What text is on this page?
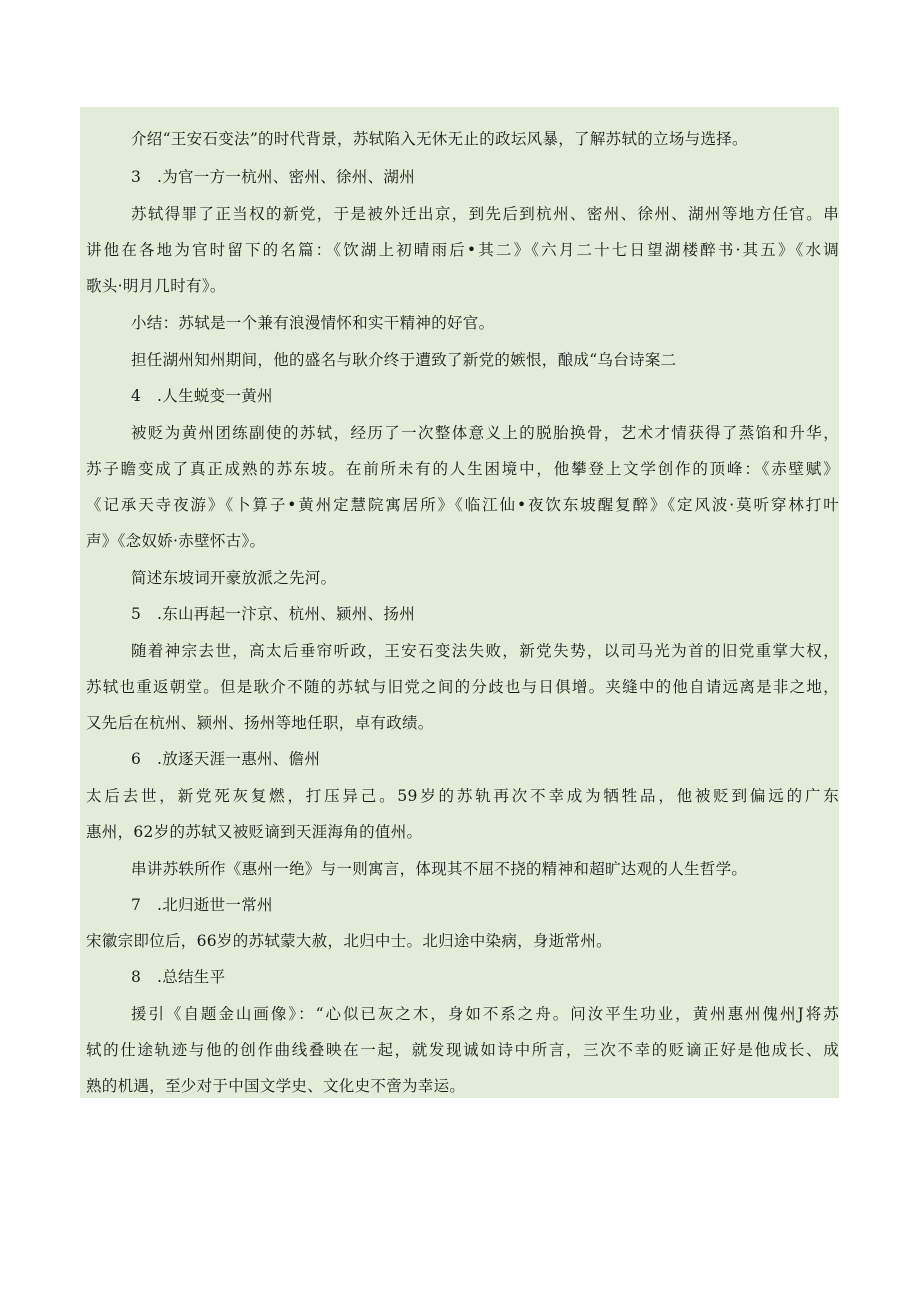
介绍“王安石变法”的时代背景，苏轼陷入无休无止的政坛风暴，了解苏轼的立场与选择。
3　.为官一方一杭州、密州、徐州、湖州
苏轼得罪了正当权的新党，于是被外迁出京，到先后到杭州、密州、徐州、湖州等地方任官。串
讲他在各地为官时留下的名篇：《饮湖上初晴雨后•其二》《六月二十七日望湖楼醉书·其五》《水调
歌头·明月几时有》。
小结：苏轼是一个兼有浪漫情怀和实干精神的好官。
担任湖州知州期间，他的盛名与耿介终于遭致了新党的嫉恨，酿成“乌台诗案二
4　.人生蜕变一黄州
被贬为黄州团练副使的苏轼，经历了一次整体意义上的脱胎换骨，艺术才情获得了蒸馅和升华，
苏子瞻变成了真正成熟的苏东坡。在前所未有的人生困境中，他攀登上文学创作的顶峰：《赤壁赋》
《记承天寺夜游》《卜算子•黄州定慧院寓居所》《临江仙•夜饮东坡醒复醉》《定风波·莫听穿林打叶
声》《念奴娇·赤壁怀古》。
简述东坡词开豪放派之先河。
5　.东山再起一汴京、杭州、颍州、扬州
随着神宗去世，高太后垂帘听政，王安石变法失败，新党失势，以司马光为首的旧党重掌大权，
苏轼也重返朝堂。但是耿介不随的苏轼与旧党之间的分歧也与日俱增。夹缝中的他自请远离是非之地，
又先后在杭州、颍州、扬州等地任职，卓有政绩。
6　.放逐天涯一惠州、儋州
太后去世，新党死灰复燃，打压异己。59岁的苏轨再次不幸成为牺牲品，他被贬到偏远的广东
惠州，62岁的苏轼又被贬谪到天涯海角的值州。
串讲苏轶所作《惠州一绝》与一则寓言，体现其不屈不挠的精神和超旷达观的人生哲学。
7　.北归逝世一常州
宋徽宗即位后，66岁的苏轼蒙大赦，北归中士。北归途中染病，身逝常州。
8　.总结生平
援引《自题金山画像》：“心似已灰之木，身如不系之舟。问汝平生功业，黄州惠州傀州J将苏
轼的仕途轨迹与他的创作曲线叠映在一起，就发现诚如诗中所言，三次不幸的贬谪正好是他成长、成
熟的机遇，至少对于中国文学史、文化史不啻为幸运。
